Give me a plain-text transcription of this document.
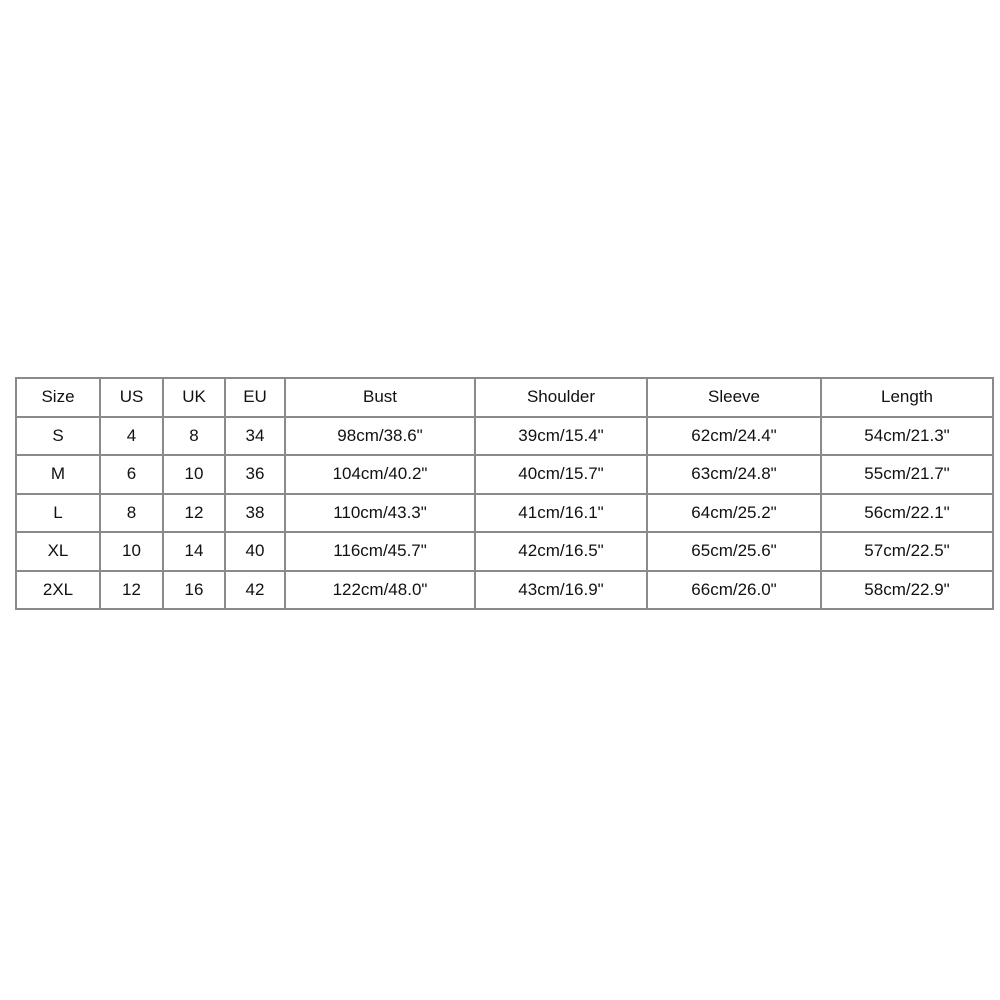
Size	US	UK	EU	Bust	Shoulder	Sleeve	Length
S	4	8	34	98cm/38.6"	39cm/15.4"	62cm/24.4"	54cm/21.3"
M	6	10	36	104cm/40.2"	40cm/15.7"	63cm/24.8"	55cm/21.7"
L	8	12	38	110cm/43.3"	41cm/16.1"	64cm/25.2"	56cm/22.1"
XL	10	14	40	116cm/45.7"	42cm/16.5"	65cm/25.6"	57cm/22.5"
2XL	12	16	42	122cm/48.0"	43cm/16.9"	66cm/26.0"	58cm/22.9"
